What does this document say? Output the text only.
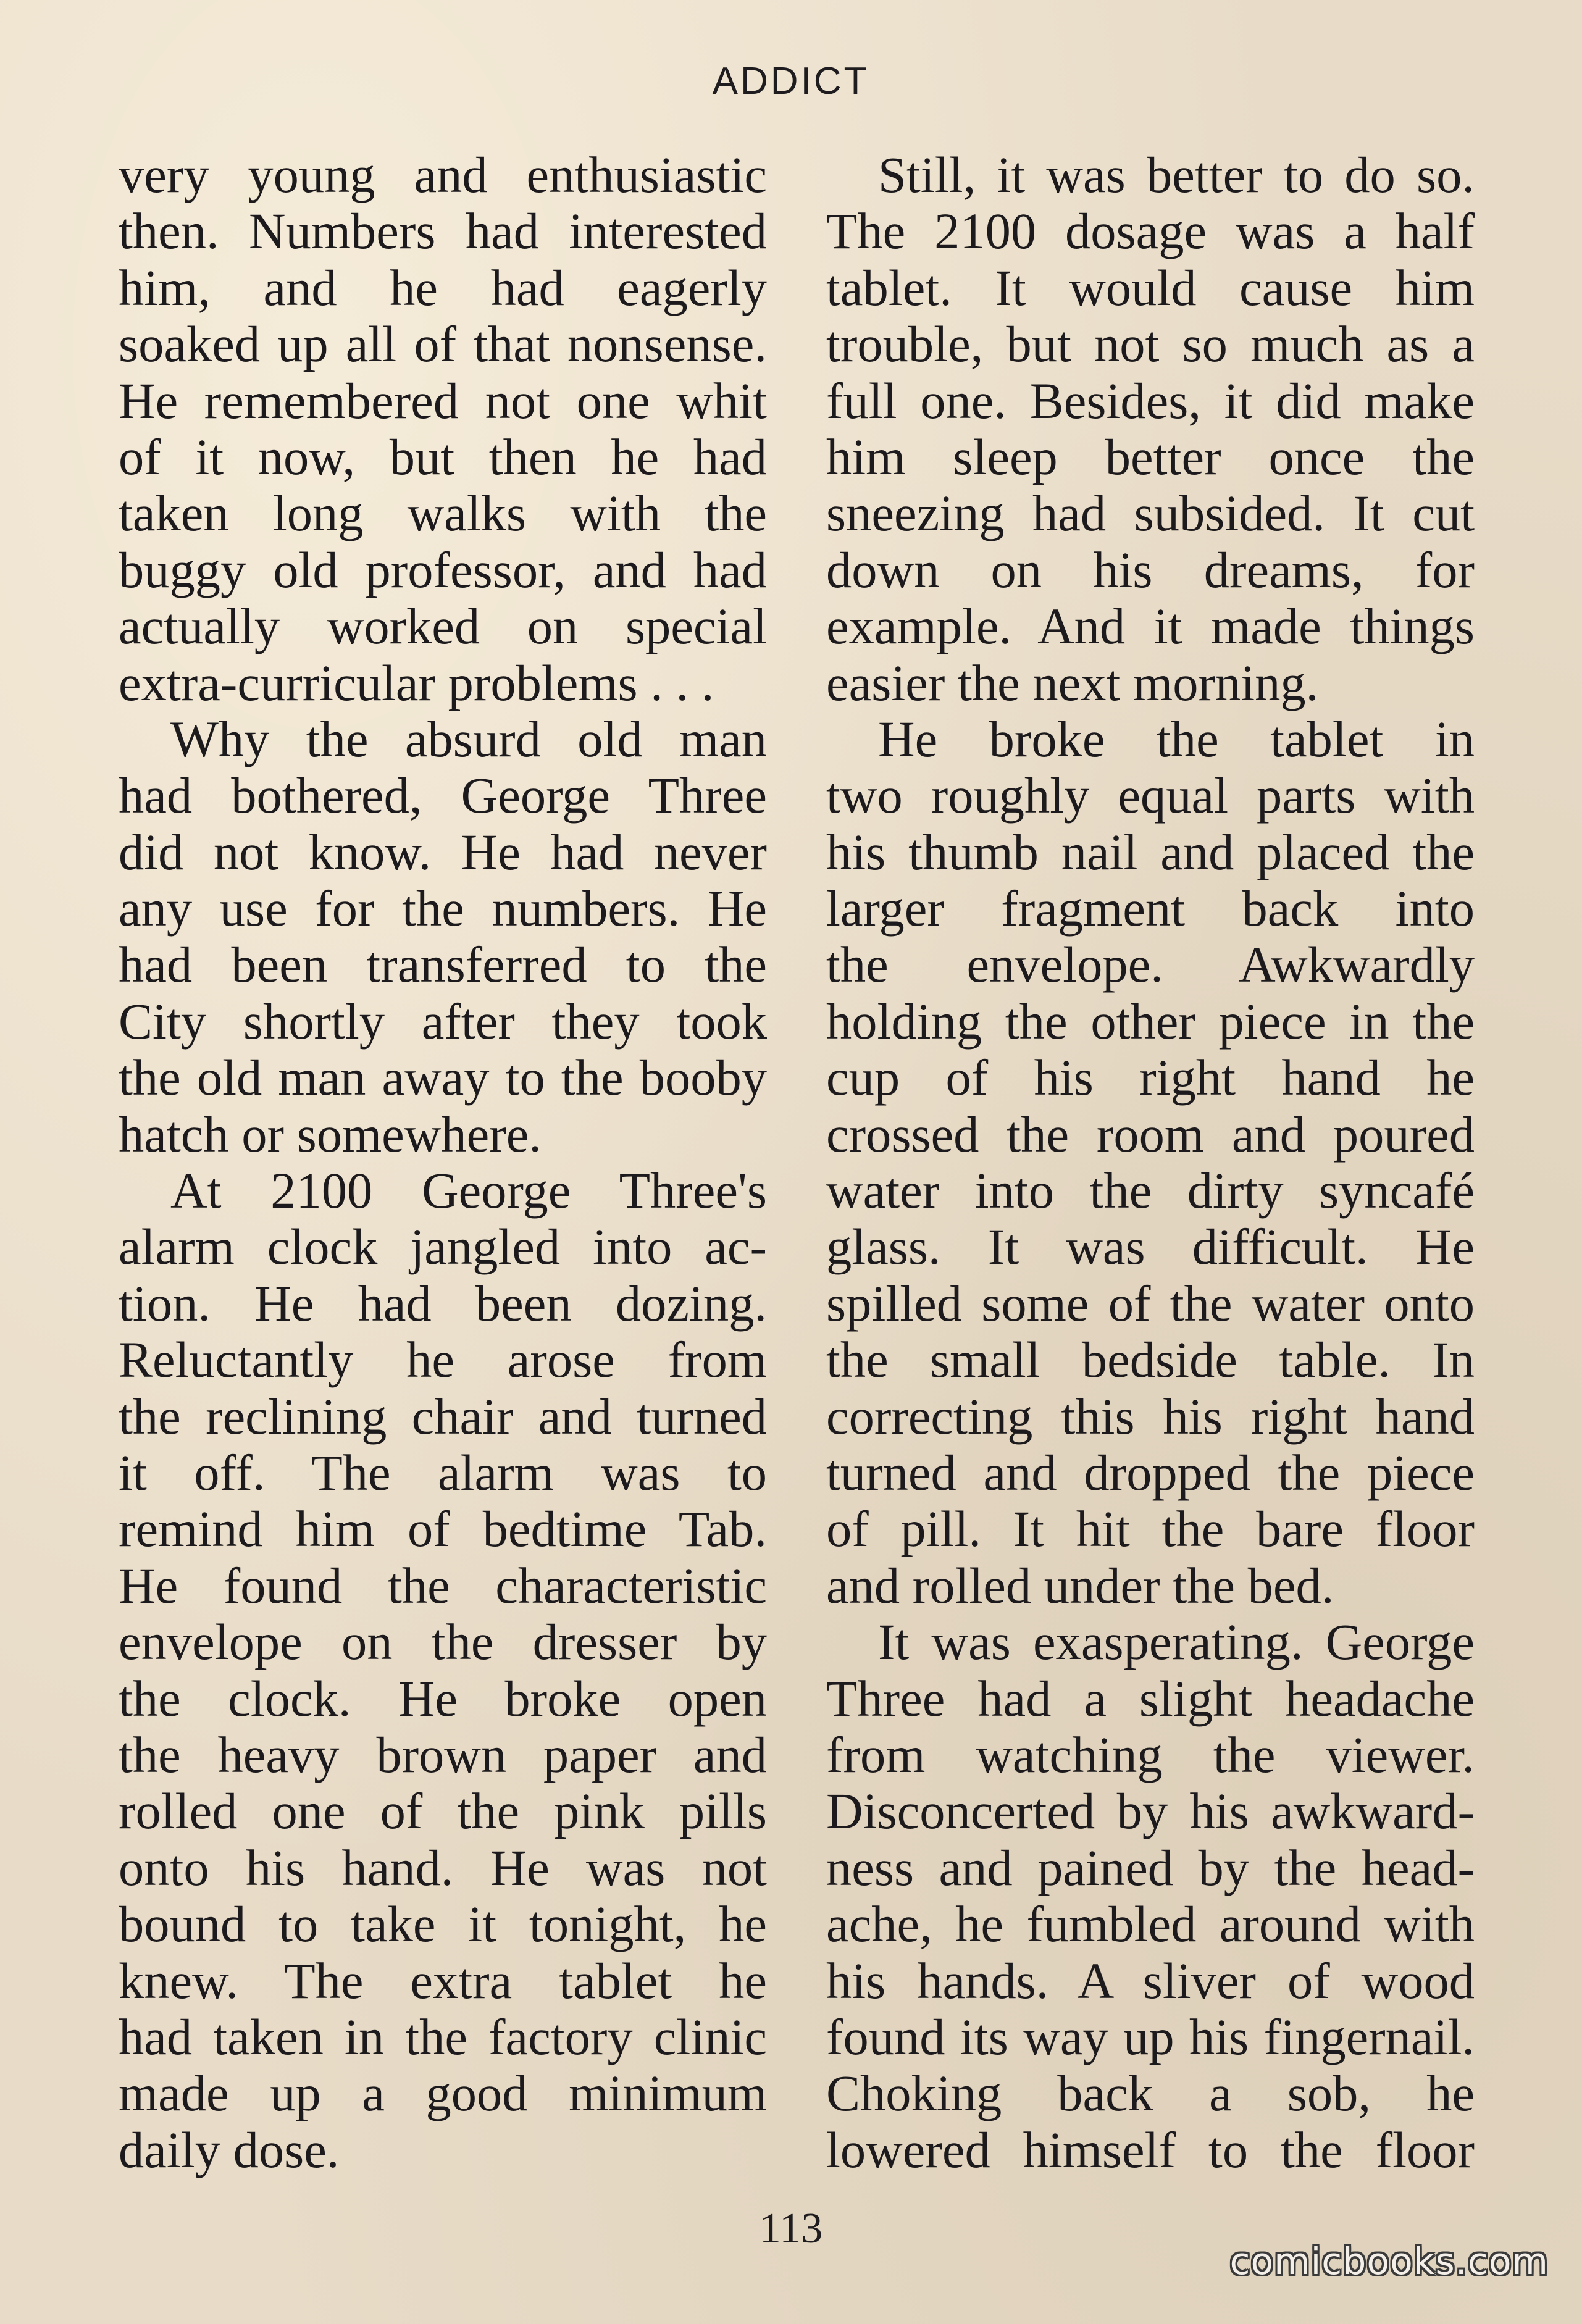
ADDICT
very young and enthusiastic
then. Numbers had interested
him, and he had eagerly
soaked up all of that nonsense.
He remembered not one whit
of it now, but then he had
taken long walks with the
buggy old professor, and had
actually worked on special
extra-curricular problems . . .
Why the absurd old man
had bothered, George Three
did not know. He had never
any use for the numbers. He
had been transferred to the
City shortly after they took
the old man away to the booby
hatch or somewhere.
At 2100 George Three's
alarm clock jangled into ac-
tion. He had been dozing.
Reluctantly he arose from
the reclining chair and turned
it off. The alarm was to
remind him of bedtime Tab.
He found the characteristic
envelope on the dresser by
the clock. He broke open
the heavy brown paper and
rolled one of the pink pills
onto his hand. He was not
bound to take it tonight, he
knew. The extra tablet he
had taken in the factory clinic
made up a good minimum
daily dose.
Still, it was better to do so.
The 2100 dosage was a half
tablet. It would cause him
trouble, but not so much as a
full one. Besides, it did make
him sleep better once the
sneezing had subsided. It cut
down on his dreams, for
example. And it made things
easier the next morning.
He broke the tablet in
two roughly equal parts with
his thumb nail and placed the
larger fragment back into
the envelope. Awkwardly
holding the other piece in the
cup of his right hand he
crossed the room and poured
water into the dirty syncafé
glass. It was difficult. He
spilled some of the water onto
the small bedside table. In
correcting this his right hand
turned and dropped the piece
of pill. It hit the bare floor
and rolled under the bed.
It was exasperating. George
Three had a slight headache
from watching the viewer.
Disconcerted by his awkward-
ness and pained by the head-
ache, he fumbled around with
his hands. A sliver of wood
found its way up his fingernail.
Choking back a sob, he
lowered himself to the floor
113
comicbooks.com
